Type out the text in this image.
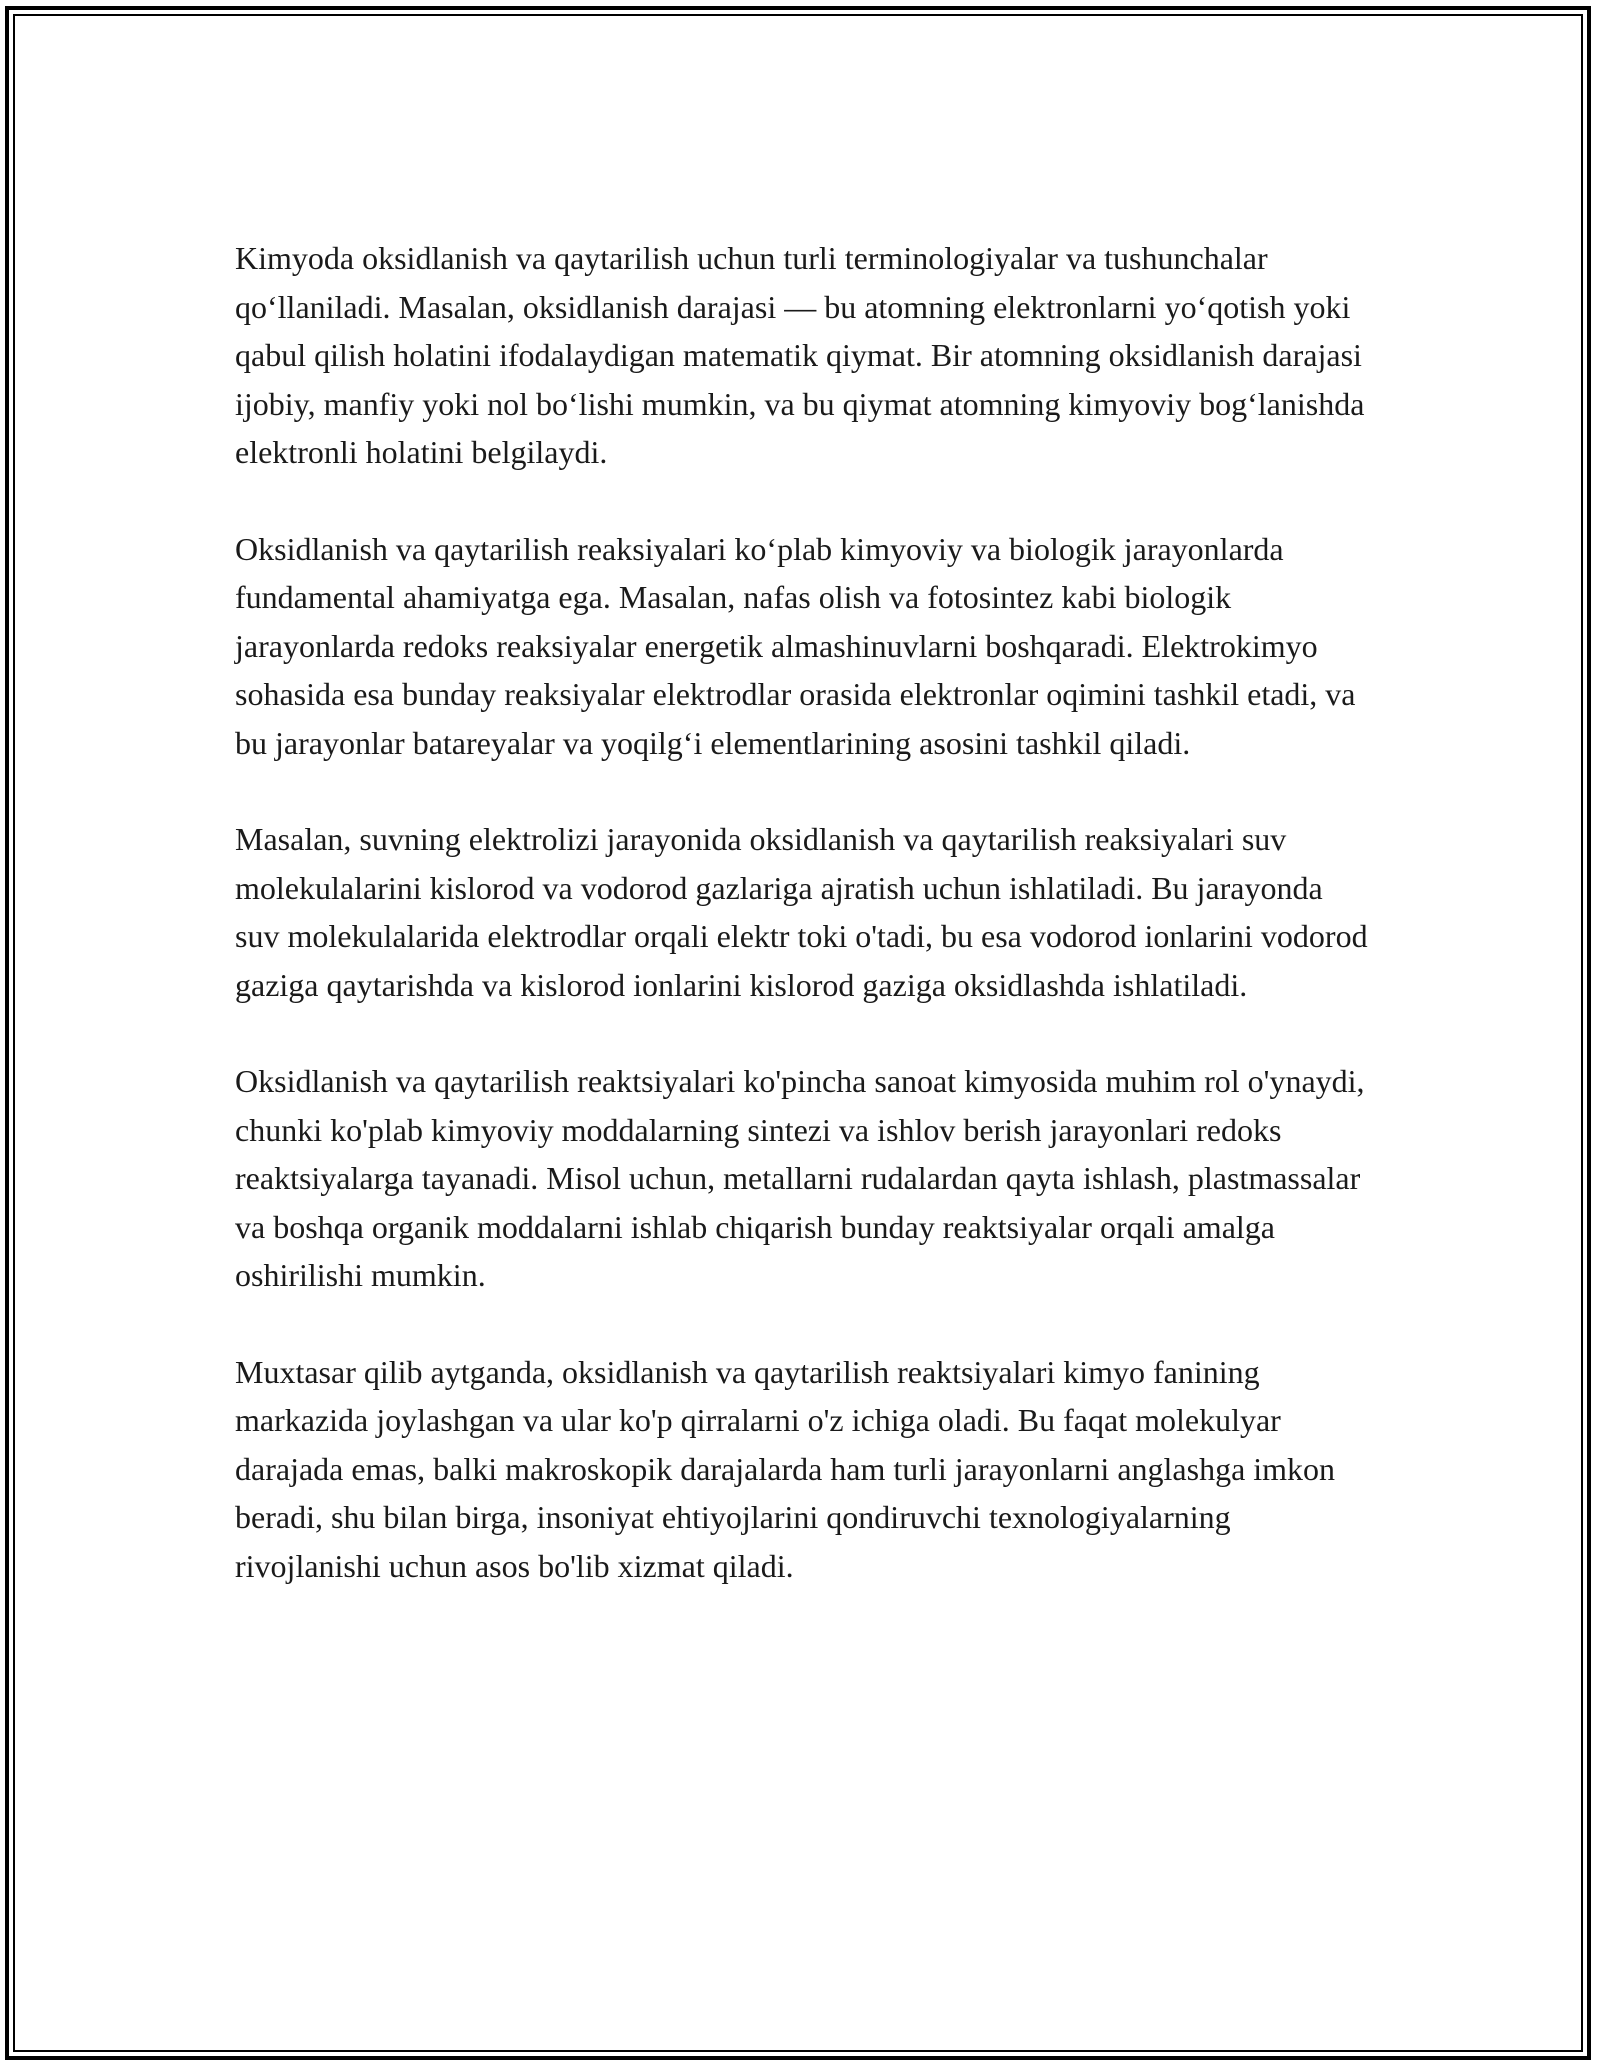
Kimyoda oksidlanish va qaytarilish uchun turli terminologiyalar va tushunchalar qo‘llaniladi. Masalan, oksidlanish darajasi — bu atomning elektronlarni yo‘qotish yoki qabul qilish holatini ifodalaydigan matematik qiymat. Bir atomning oksidlanish darajasi ijobiy, manfiy yoki nol bo‘lishi mumkin, va bu qiymat atomning kimyoviy bog‘lanishda elektronli holatini belgilaydi.

Oksidlanish va qaytarilish reaksiyalari ko‘plab kimyoviy va biologik jarayonlarda fundamental ahamiyatga ega. Masalan, nafas olish va fotosintez kabi biologik jarayonlarda redoks reaksiyalar energetik almashinuvlarni boshqaradi. Elektrokimyo sohasida esa bunday reaksiyalar elektrodlar orasida elektronlar oqimini tashkil etadi, va bu jarayonlar batareyalar va yoqilg‘i elementlarining asosini tashkil qiladi.

Masalan, suvning elektrolizi jarayonida oksidlanish va qaytarilish reaksiyalari suv molekulalarini kislorod va vodorod gazlariga ajratish uchun ishlatiladi. Bu jarayonda suv molekulalarida elektrodlar orqali elektr toki o'tadi, bu esa vodorod ionlarini vodorod gaziga qaytarishda va kislorod ionlarini kislorod gaziga oksidlashda ishlatiladi.

Oksidlanish va qaytarilish reaktsiyalari ko'pincha sanoat kimyosida muhim rol o'ynaydi, chunki ko'plab kimyoviy moddalarning sintezi va ishlov berish jarayonlari redoks reaktsiyalarga tayanadi. Misol uchun, metallarni rudalardan qayta ishlash, plastmassalar va boshqa organik moddalarni ishlab chiqarish bunday reaktsiyalar orqali amalga oshirilishi mumkin.

Muxtasar qilib aytganda, oksidlanish va qaytarilish reaktsiyalari kimyo fanining markazida joylashgan va ular ko'p qirralarni o'z ichiga oladi. Bu faqat molekulyar darajada emas, balki makroskopik darajalarda ham turli jarayonlarni anglashga imkon beradi, shu bilan birga, insoniyat ehtiyojlarini qondiruvchi texnologiyalarning rivojlanishi uchun asos bo'lib xizmat qiladi.
